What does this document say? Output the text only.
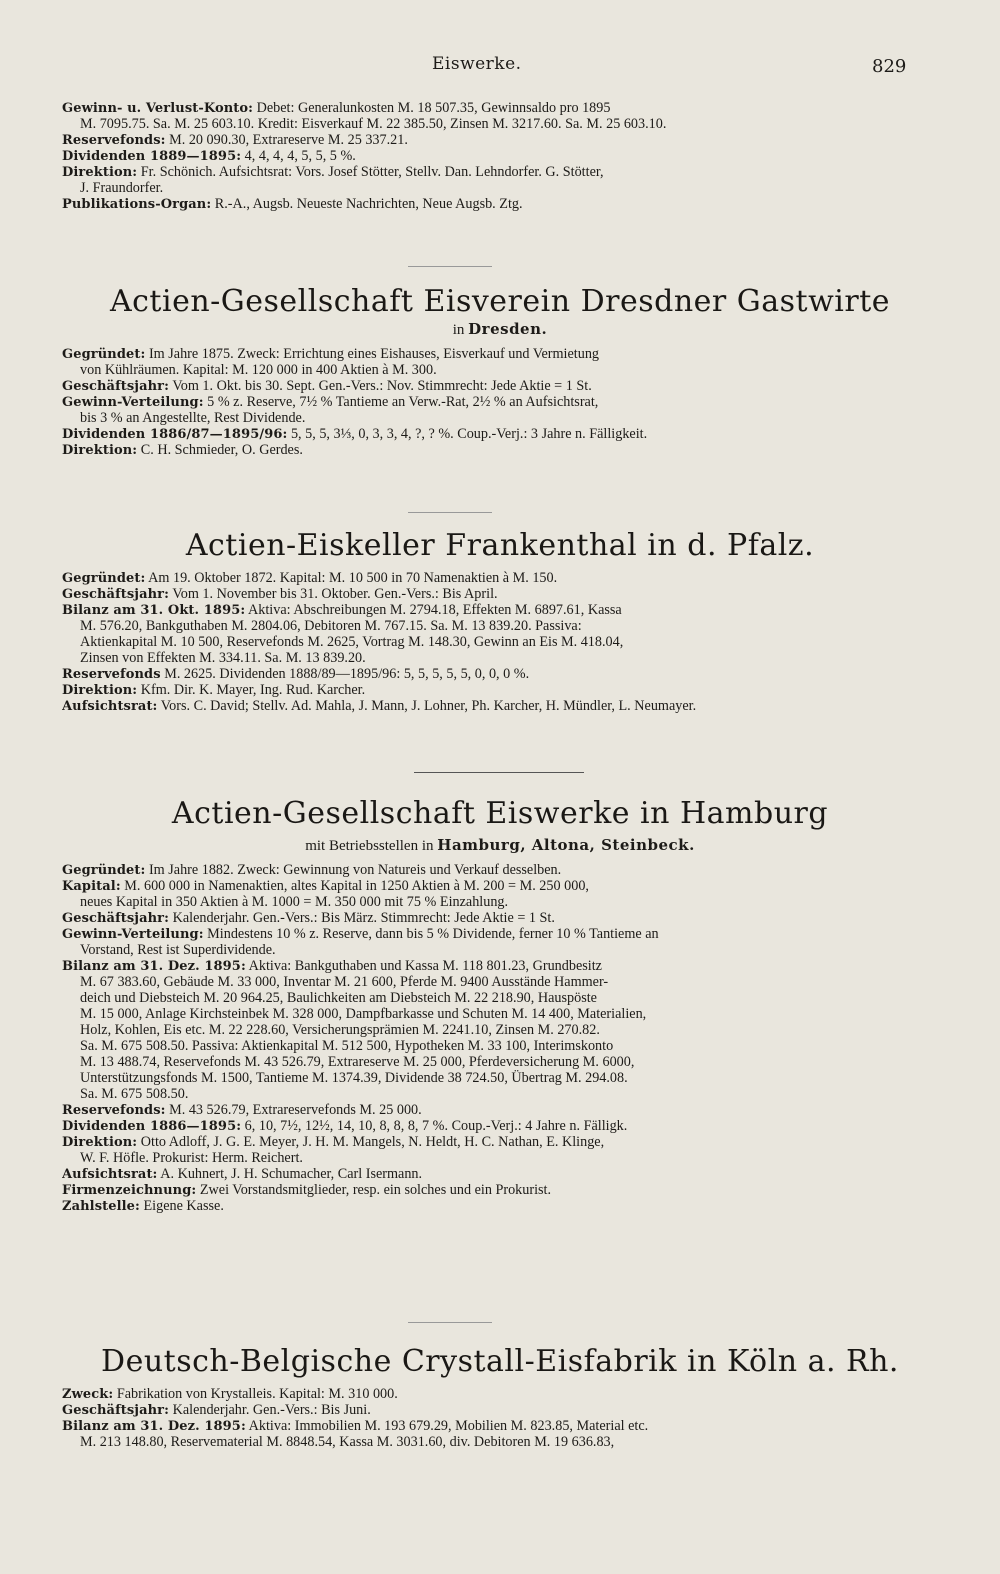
Eiswerke.	829
Gewinn- u. Verlust-Konto: Debet: Generalunkosten M. 18 507.35, Gewinnsaldo pro 1895
M. 7095.75. Sa. M. 25 603.10. Kredit: Eisverkauf M. 22 385.50, Zinsen M. 3217.60. Sa. M. 25 603.10.
Reservefonds: M. 20 090.30, Extrareserve M. 25 337.21.
Dividenden 1889—1895: 4, 4, 4, 4, 5, 5, 5 %.
Direktion: Fr. Schönich. Aufsichtsrat: Vors. Josef Stötter, Stellv. Dan. Lehndorfer. G. Stötter,
J. Fraundorfer.
Publikations-Organ: R.-A., Augsb. Neueste Nachrichten, Neue Augsb. Ztg.
Actien-Gesellschaft Eisverein Dresdner Gastwirte
in Dresden.
Gegründet: Im Jahre 1875. Zweck: Errichtung eines Eishauses, Eisverkauf und Vermietung
von Kühlräumen. Kapital: M. 120 000 in 400 Aktien à M. 300.
Geschäftsjahr: Vom 1. Okt. bis 30. Sept. Gen.-Vers.: Nov. Stimmrecht: Jede Aktie = 1 St.
Gewinn-Verteilung: 5 % z. Reserve, 7½ % Tantieme an Verw.-Rat, 2½ % an Aufsichtsrat,
bis 3 % an Angestellte, Rest Dividende.
Dividenden 1886/87—1895/96: 5, 5, 5, 3⅓, 0, 3, 3, 4, ?, ? %. Coup.-Verj.: 3 Jahre n. Fälligkeit.
Direktion: C. H. Schmieder, O. Gerdes.
Actien-Eiskeller Frankenthal in d. Pfalz.
Gegründet: Am 19. Oktober 1872. Kapital: M. 10 500 in 70 Namenaktien à M. 150.
Geschäftsjahr: Vom 1. November bis 31. Oktober. Gen.-Vers.: Bis April.
Bilanz am 31. Okt. 1895: Aktiva: Abschreibungen M. 2794.18, Effekten M. 6897.61, Kassa
M. 576.20, Bankguthaben M. 2804.06, Debitoren M. 767.15. Sa. M. 13 839.20. Passiva:
Aktienkapital M. 10 500, Reservefonds M. 2625, Vortrag M. 148.30, Gewinn an Eis M. 418.04,
Zinsen von Effekten M. 334.11. Sa. M. 13 839.20.
Reservefonds M. 2625. Dividenden 1888/89—1895/96: 5, 5, 5, 5, 5, 0, 0, 0 %.
Direktion: Kfm. Dir. K. Mayer, Ing. Rud. Karcher.
Aufsichtsrat: Vors. C. David; Stellv. Ad. Mahla, J. Mann, J. Lohner, Ph. Karcher, H. Mündler, L. Neumayer.
Actien-Gesellschaft Eiswerke in Hamburg
mit Betriebsstellen in Hamburg, Altona, Steinbeck.
Gegründet: Im Jahre 1882. Zweck: Gewinnung von Natureis und Verkauf desselben.
Kapital: M. 600 000 in Namenaktien, altes Kapital in 1250 Aktien à M. 200 = M. 250 000,
neues Kapital in 350 Aktien à M. 1000 = M. 350 000 mit 75 % Einzahlung.
Geschäftsjahr: Kalenderjahr. Gen.-Vers.: Bis März. Stimmrecht: Jede Aktie = 1 St.
Gewinn-Verteilung: Mindestens 10 % z. Reserve, dann bis 5 % Dividende, ferner 10 % Tantieme an
Vorstand, Rest ist Superdividende.
Bilanz am 31. Dez. 1895: Aktiva: Bankguthaben und Kassa M. 118 801.23, Grundbesitz
M. 67 383.60, Gebäude M. 33 000, Inventar M. 21 600, Pferde M. 9400 Ausstände Hammer-
deich und Diebsteich M. 20 964.25, Baulichkeiten am Diebsteich M. 22 218.90, Hauspöste
M. 15 000, Anlage Kirchsteinbek M. 328 000, Dampfbarkasse und Schuten M. 14 400, Materialien,
Holz, Kohlen, Eis etc. M. 22 228.60, Versicherungsprämien M. 2241.10, Zinsen M. 270.82.
Sa. M. 675 508.50. Passiva: Aktienkapital M. 512 500, Hypotheken M. 33 100, Interimskonto
M. 13 488.74, Reservefonds M. 43 526.79, Extrareserve M. 25 000, Pferdeversicherung M. 6000,
Unterstützungsfonds M. 1500, Tantieme M. 1374.39, Dividende 38 724.50, Übertrag M. 294.08.
Sa. M. 675 508.50.
Reservefonds: M. 43 526.79, Extrareservefonds M. 25 000.
Dividenden 1886—1895: 6, 10, 7½, 12½, 14, 10, 8, 8, 8, 7 %. Coup.-Verj.: 4 Jahre n. Fälligk.
Direktion: Otto Adloff, J. G. E. Meyer, J. H. M. Mangels, N. Heldt, H. C. Nathan, E. Klinge,
W. F. Höfle. Prokurist: Herm. Reichert.
Aufsichtsrat: A. Kuhnert, J. H. Schumacher, Carl Isermann.
Firmenzeichnung: Zwei Vorstandsmitglieder, resp. ein solches und ein Prokurist.
Zahlstelle: Eigene Kasse.
Deutsch-Belgische Crystall-Eisfabrik in Köln a. Rh.
Zweck: Fabrikation von Krystalleis. Kapital: M. 310 000.
Geschäftsjahr: Kalenderjahr. Gen.-Vers.: Bis Juni.
Bilanz am 31. Dez. 1895: Aktiva: Immobilien M. 193 679.29, Mobilien M. 823.85, Material etc.
M. 213 148.80, Reservematerial M. 8848.54, Kassa M. 3031.60, div. Debitoren M. 19 636.83,
